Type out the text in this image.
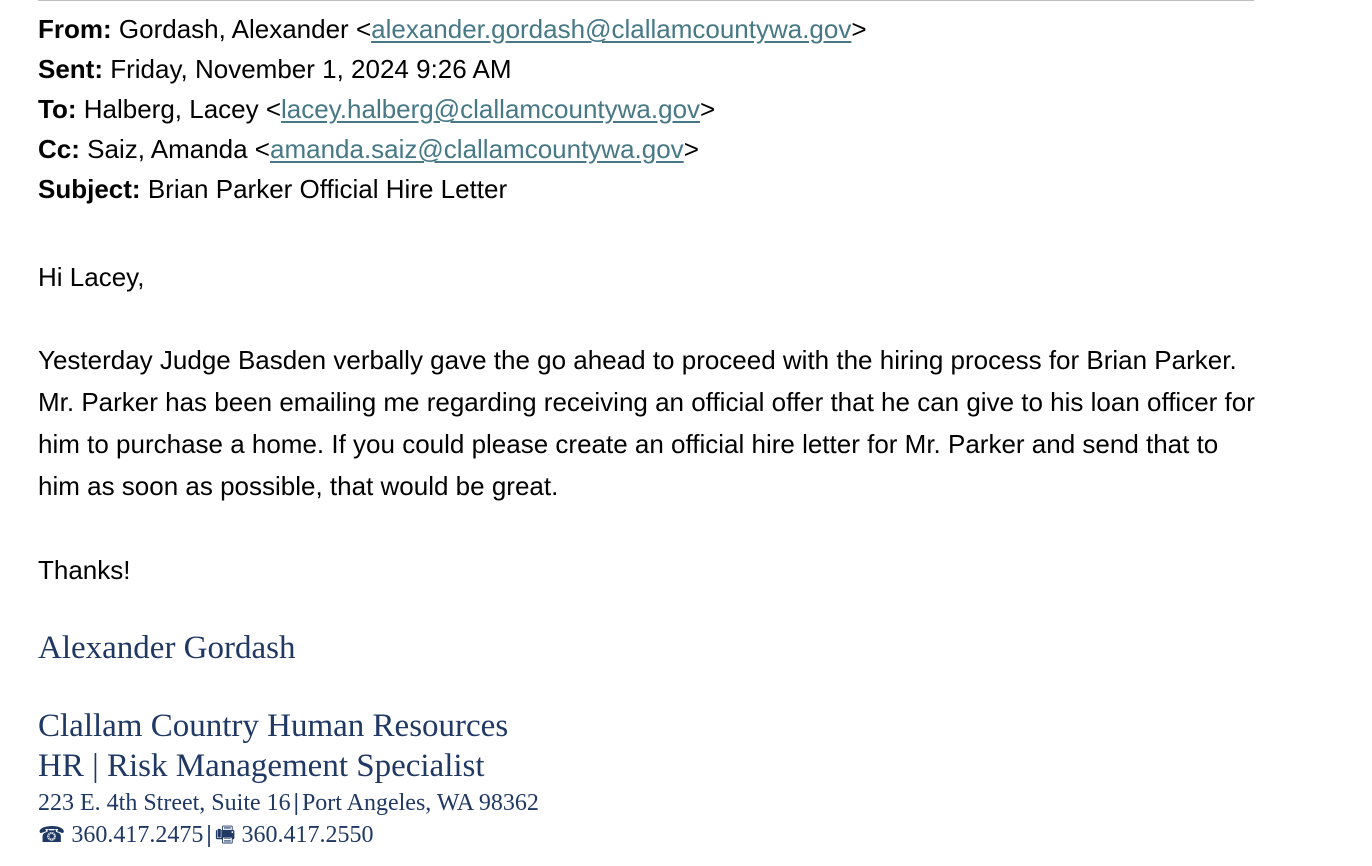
From: Gordash, Alexander <alexander.gordash@clallamcountywa.gov>
Sent: Friday, November 1, 2024 9:26 AM
To: Halberg, Lacey <lacey.halberg@clallamcountywa.gov>
Cc: Saiz, Amanda <amanda.saiz@clallamcountywa.gov>
Subject: Brian Parker Official Hire Letter
Hi Lacey,
Yesterday Judge Basden verbally gave the go ahead to proceed with the hiring process for Brian Parker. Mr. Parker has been emailing me regarding receiving an official offer that he can give to his loan officer for him to purchase a home. If you could please create an official hire letter for Mr. Parker and send that to him as soon as possible, that would be great.
Thanks!
Alexander Gordash
Clallam Country Human Resources
HR | Risk Management Specialist
223 E. 4th Street, Suite 16 | Port Angeles, WA 98362
☎ 360.417.2475 | 🖷 360.417.2550
